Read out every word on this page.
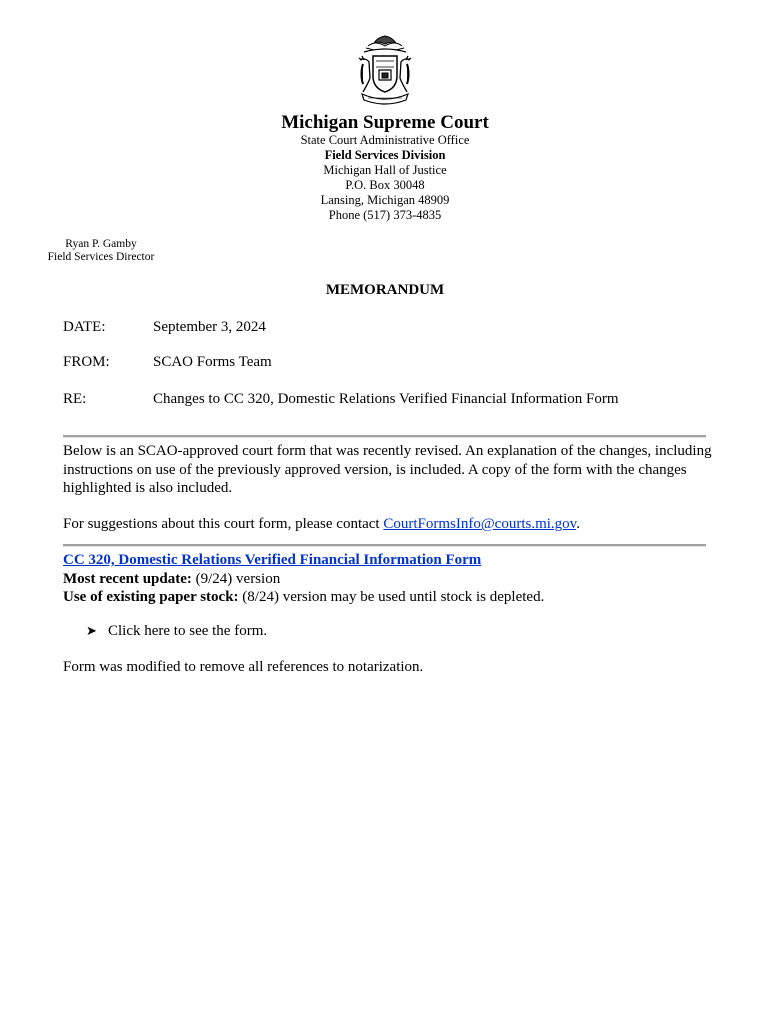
Michigan Supreme Court
State Court Administrative Office
Field Services Division
Michigan Hall of Justice
P.O. Box 30048
Lansing, Michigan 48909
Phone (517) 373-4835
Ryan P. Gamby
Field Services Director
MEMORANDUM
DATE:	September 3, 2024
FROM:	SCAO Forms Team
RE:	Changes to CC 320, Domestic Relations Verified Financial Information Form
Below is an SCAO-approved court form that was recently revised. An explanation of the changes, including instructions on use of the previously approved version, is included. A copy of the form with the changes highlighted is also included.
For suggestions about this court form, please contact CourtFormsInfo@courts.mi.gov.
CC 320, Domestic Relations Verified Financial Information Form
Most recent update: (9/24) version
Use of existing paper stock: (8/24) version may be used until stock is depleted.
➤ Click here to see the form.
Form was modified to remove all references to notarization.
